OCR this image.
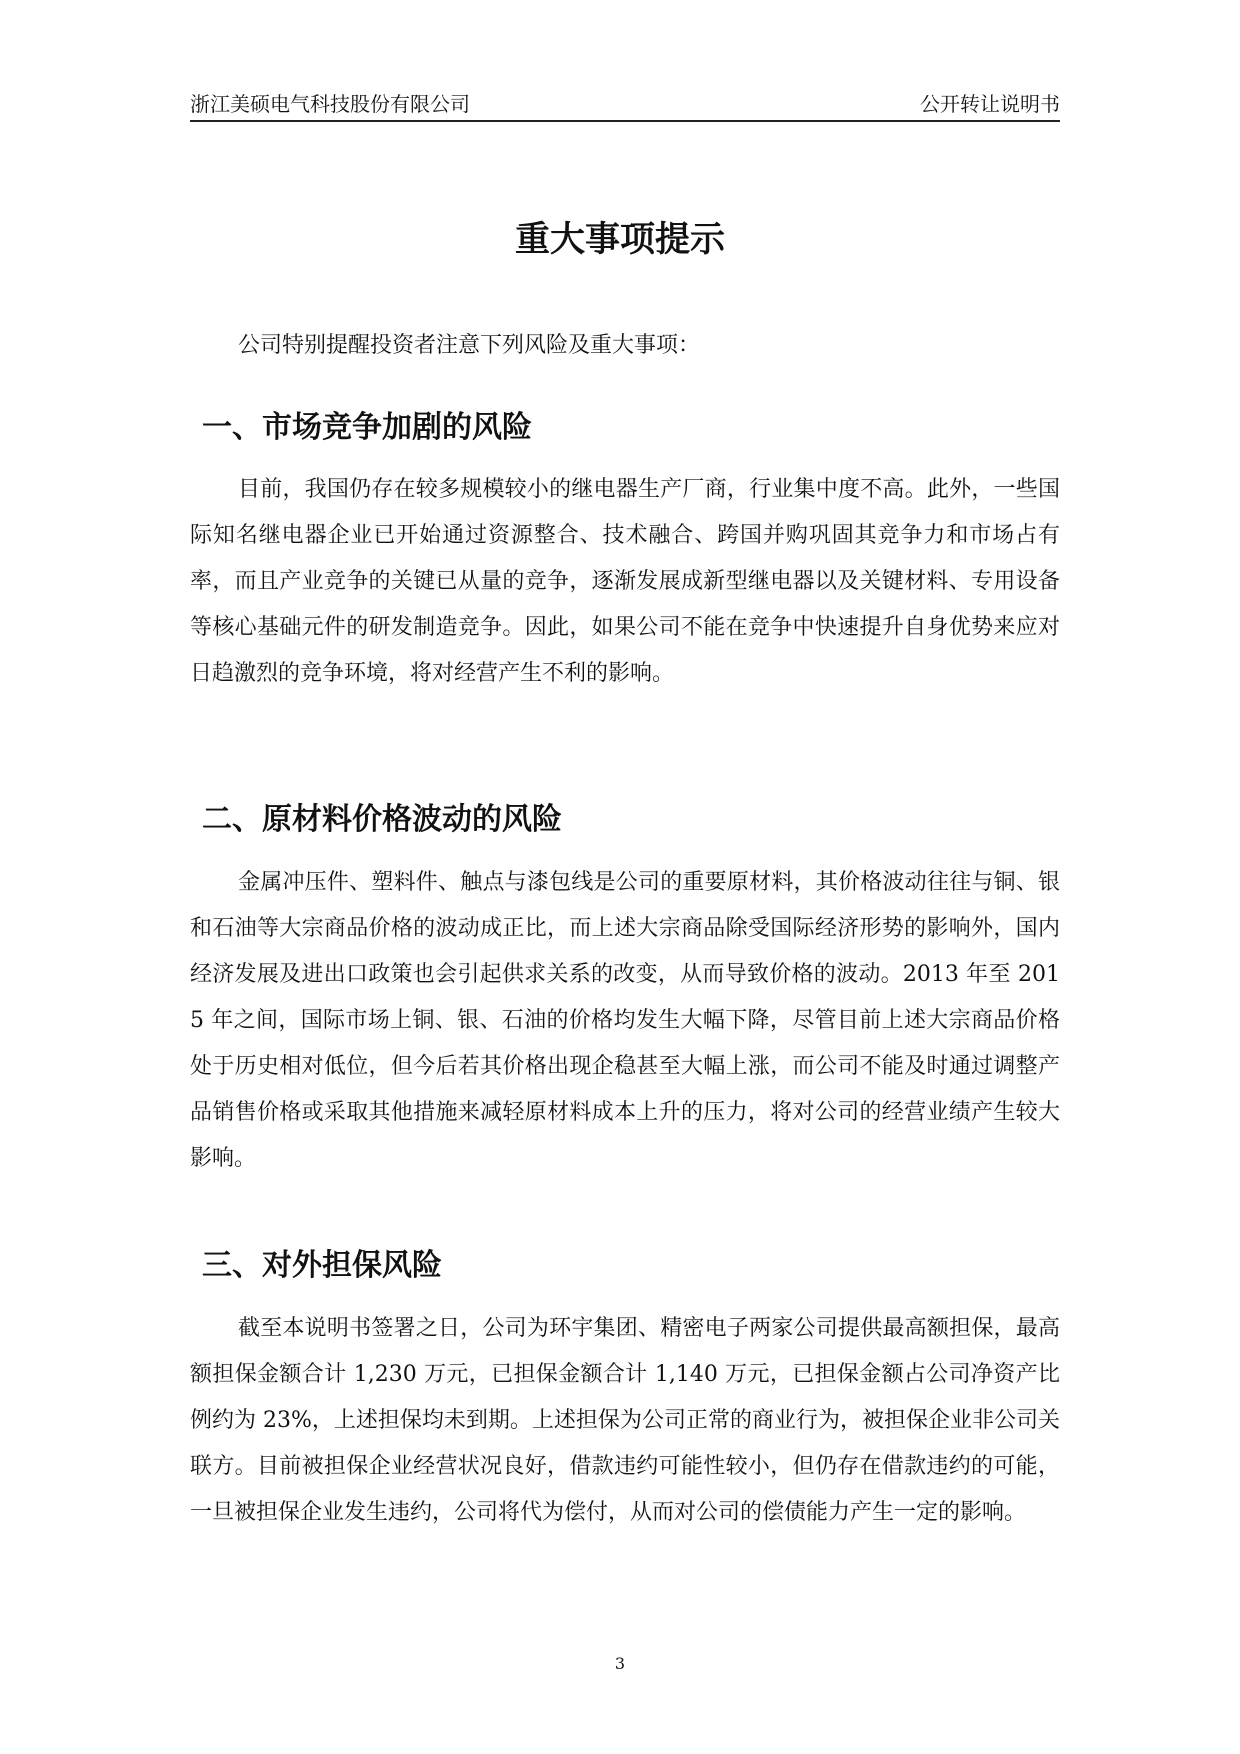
浙江美硕电气科技股份有限公司	公开转让说明书
重大事项提示
公司特别提醒投资者注意下列风险及重大事项：
一、市场竞争加剧的风险
目前，我国仍存在较多规模较小的继电器生产厂商，行业集中度不高。此外，一些国际知名继电器企业已开始通过资源整合、技术融合、跨国并购巩固其竞争力和市场占有率，而且产业竞争的关键已从量的竞争，逐渐发展成新型继电器以及关键材料、专用设备等核心基础元件的研发制造竞争。因此，如果公司不能在竞争中快速提升自身优势来应对日趋激烈的竞争环境，将对经营产生不利的影响。
二、原材料价格波动的风险
金属冲压件、塑料件、触点与漆包线是公司的重要原材料，其价格波动往往与铜、银和石油等大宗商品价格的波动成正比，而上述大宗商品除受国际经济形势的影响外，国内经济发展及进出口政策也会引起供求关系的改变，从而导致价格的波动。2013 年至 2015 年之间，国际市场上铜、银、石油的价格均发生大幅下降，尽管目前上述大宗商品价格处于历史相对低位，但今后若其价格出现企稳甚至大幅上涨，而公司不能及时通过调整产品销售价格或采取其他措施来减轻原材料成本上升的压力，将对公司的经营业绩产生较大影响。
三、对外担保风险
截至本说明书签署之日，公司为环宇集团、精密电子两家公司提供最高额担保，最高额担保金额合计 1,230 万元，已担保金额合计 1,140 万元，已担保金额占公司净资产比例约为 23%，上述担保均未到期。上述担保为公司正常的商业行为，被担保企业非公司关联方。目前被担保企业经营状况良好，借款违约可能性较小，但仍存在借款违约的可能，一旦被担保企业发生违约，公司将代为偿付，从而对公司的偿债能力产生一定的影响。
3
